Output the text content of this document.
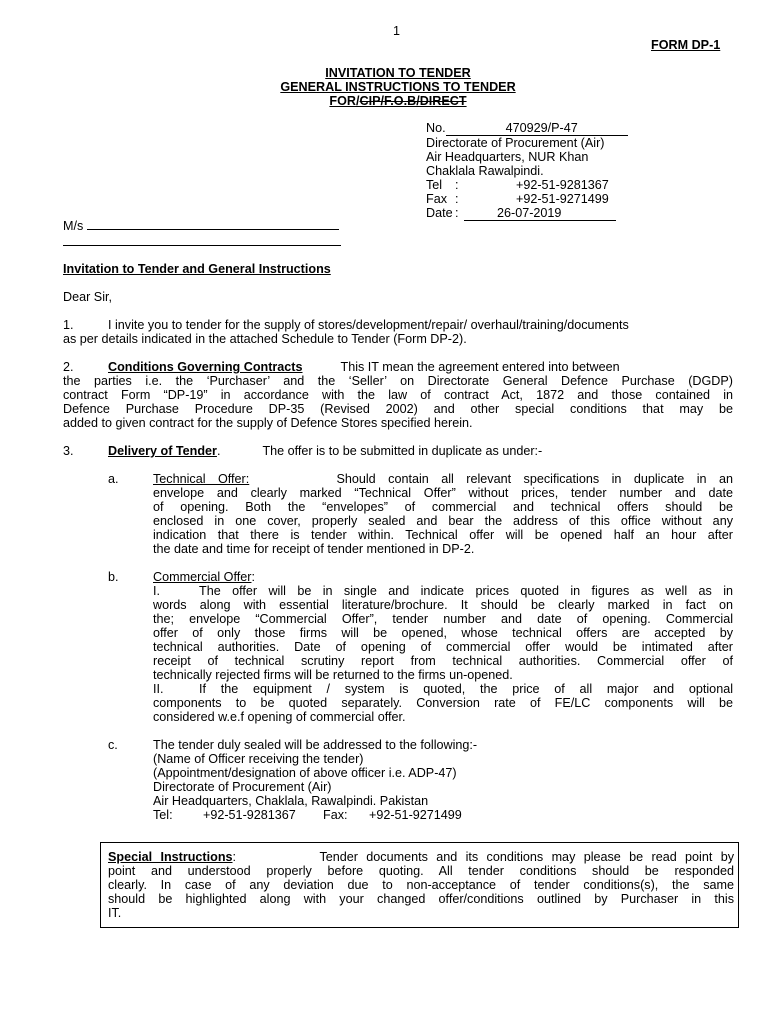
1
FORM DP-1
INVITATION TO TENDER
GENERAL INSTRUCTIONS TO TENDER
FOR/CIP/F.O.B/DIRECT
No.	470929/P-47
Directorate of Procurement (Air)
Air Headquarters, NUR Khan
Chaklala Rawalpindi.
Tel :	+92-51-9281367
Fax :	+92-51-9271499
Date :	26-07-2019
M/s
Invitation to Tender and General Instructions
Dear Sir,
1.	I invite you to tender for the supply of stores/development/repair/ overhaul/training/documents
as per details indicated in the attached Schedule to Tender (Form DP-2).
2.	Conditions Governing Contracts	This IT mean the agreement entered into between
the parties i.e. the ‘Purchaser’ and the ‘Seller’ on Directorate General Defence Purchase (DGDP)
contract Form “DP-19” in accordance with the law of contract Act, 1872 and those contained in
Defence Purchase Procedure DP-35 (Revised 2002) and other special conditions that may be
added to given contract for the supply of Defence Stores specified herein.
3.	Delivery of Tender.	The offer is to be submitted in duplicate as under:-
a.	Technical Offer:	Should contain all relevant specifications in duplicate in an
envelope and clearly marked “Technical Offer” without prices, tender number and date
of opening. Both the “envelopes” of commercial and technical offers should be
enclosed in one cover, properly sealed and bear the address of this office without any
indication that there is tender within. Technical offer will be opened half an hour after
the date and time for receipt of tender mentioned in DP-2.
b.	Commercial Offer:
I.	The offer will be in single and indicate prices quoted in figures as well as in
words along with essential literature/brochure. It should be clearly marked in fact on
the; envelope “Commercial Offer”, tender number and date of opening. Commercial
offer of only those firms will be opened, whose technical offers are accepted by
technical authorities. Date of opening of commercial offer would be intimated after
receipt of technical scrutiny report from technical authorities. Commercial offer of
technically rejected firms will be returned to the firms un-opened.
II.	If the equipment / system is quoted, the price of all major and optional
components to be quoted separately. Conversion rate of FE/LC components will be
considered w.e.f opening of commercial offer.
c.	The tender duly sealed will be addressed to the following:-
(Name of Officer receiving the tender)
(Appointment/designation of above officer i.e. ADP-47)
Directorate of Procurement (Air)
Air Headquarters, Chaklala, Rawalpindi. Pakistan
Tel: +92-51-9281367 Fax: +92-51-9271499
Special Instructions:	Tender documents and its conditions may please be read point by
point and understood properly before quoting. All tender conditions should be responded
clearly. In case of any deviation due to non-acceptance of tender conditions(s), the same
should be highlighted along with your changed offer/conditions outlined by Purchaser in this
IT.
